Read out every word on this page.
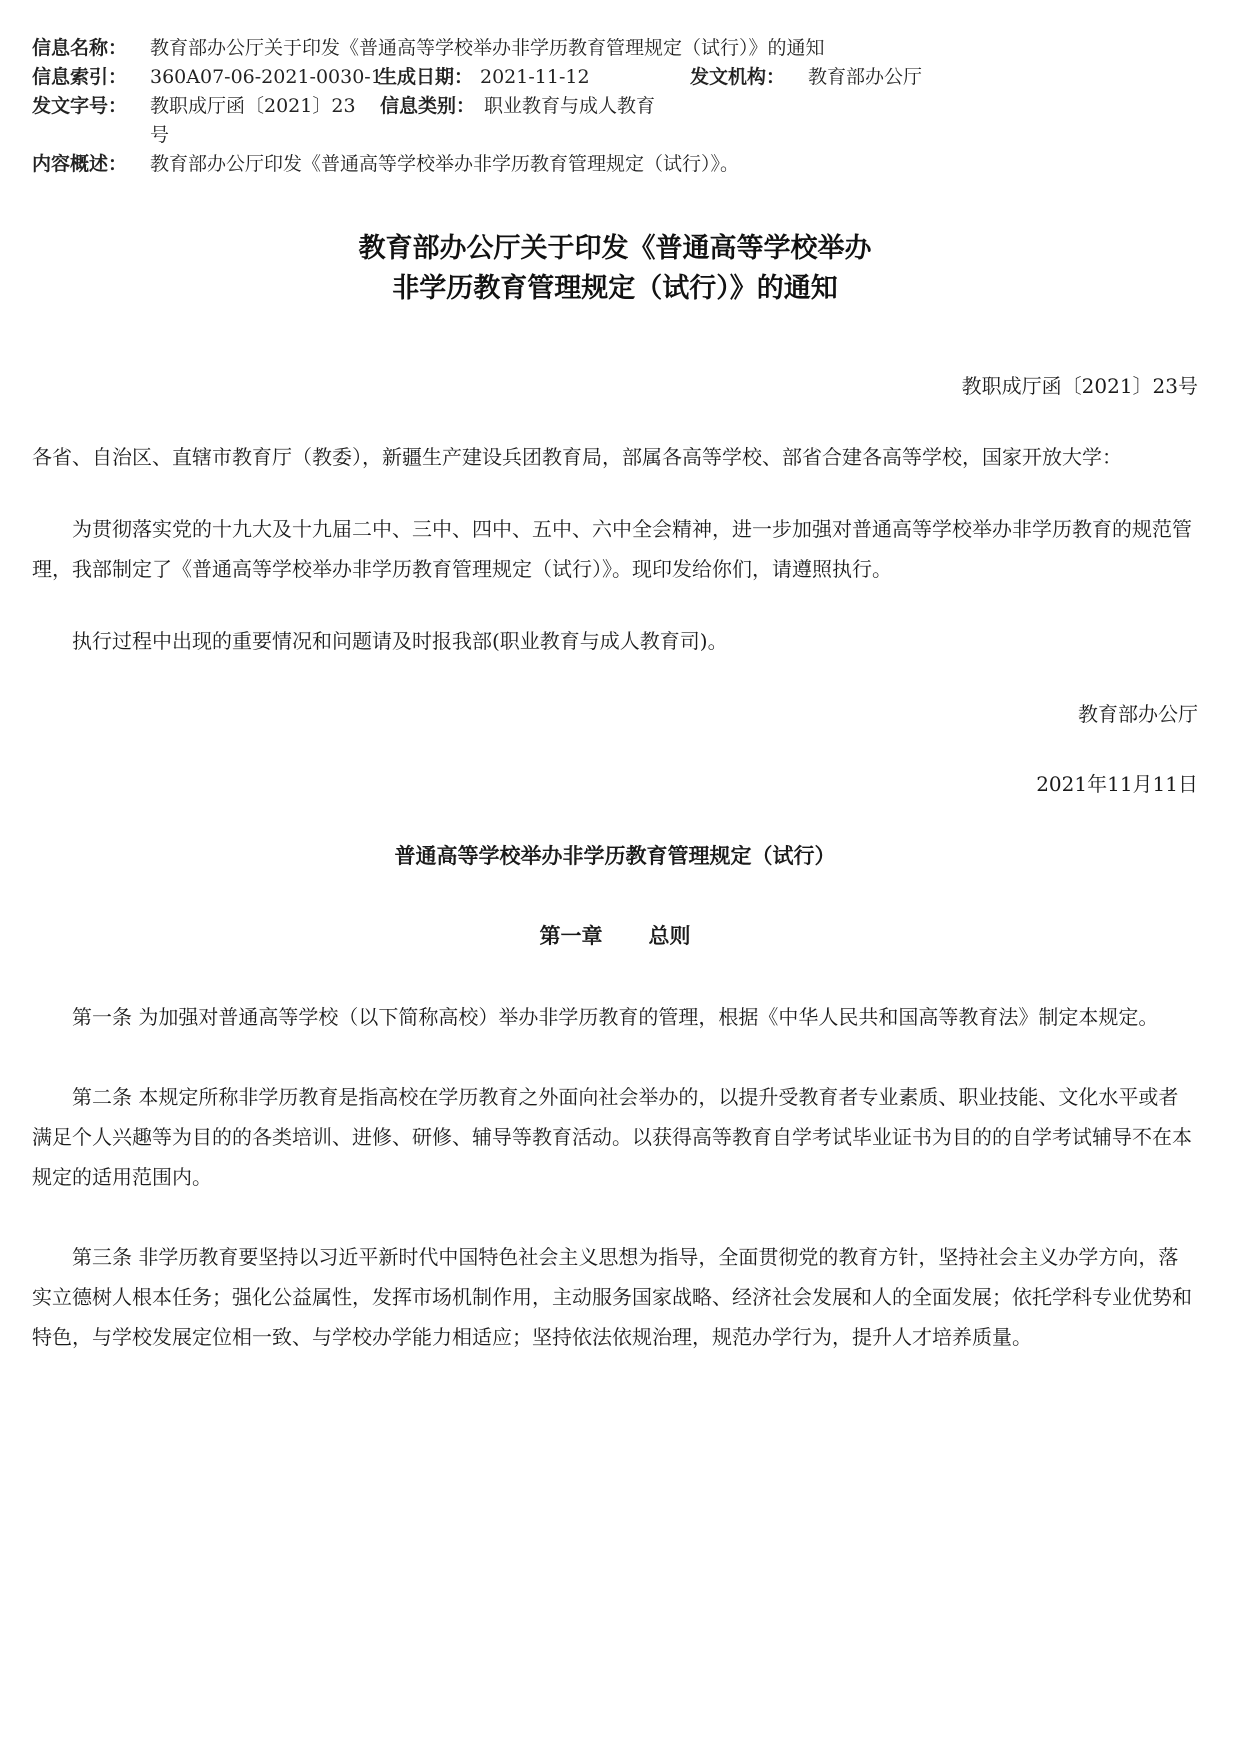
信息名称：	教育部办公厅关于印发《普通高等学校举办非学历教育管理规定（试行）》的通知
信息索引：	360A07-06-2021-0030-1
生成日期： 2021-11-12	发文机构：	教育部办公厅
发文字号：	教职成厅函〔2021〕23
号
信息类别： 职业教育与成人教育
内容概述：	教育部办公厅印发《普通高等学校举办非学历教育管理规定（试行）》。
教育部办公厅关于印发《普通高等学校举办
非学历教育管理规定（试行）》的通知
教职成厅函〔2021〕23号
各省、自治区、直辖市教育厅（教委），新疆生产建设兵团教育局，部属各高等学校、部省合建各高等学校，国家开放大学：
为贯彻落实党的十九大及十九届二中、三中、四中、五中、六中全会精神，进一步加强对普通高等学校举办非学历教育的规范管理，我部制定了《普通高等学校举办非学历教育管理规定（试行）》。现印发给你们，请遵照执行。
执行过程中出现的重要情况和问题请及时报我部(职业教育与成人教育司)。
教育部办公厅
2021年11月11日
普通高等学校举办非学历教育管理规定（试行）
第一章 总则
第一条 为加强对普通高等学校（以下简称高校）举办非学历教育的管理，根据《中华人民共和国高等教育法》制定本规定。
第二条 本规定所称非学历教育是指高校在学历教育之外面向社会举办的，以提升受教育者专业素质、职业技能、文化水平或者满足个人兴趣等为目的的各类培训、进修、研修、辅导等教育活动。以获得高等教育自学考试毕业证书为目的的自学考试辅导不在本规定的适用范围内。
第三条 非学历教育要坚持以习近平新时代中国特色社会主义思想为指导，全面贯彻党的教育方针，坚持社会主义办学方向，落实立德树人根本任务；强化公益属性，发挥市场机制作用，主动服务国家战略、经济社会发展和人的全面发展；依托学科专业优势和特色，与学校发展定位相一致、与学校办学能力相适应；坚持依法依规治理，规范办学行为，提升人才培养质量。
